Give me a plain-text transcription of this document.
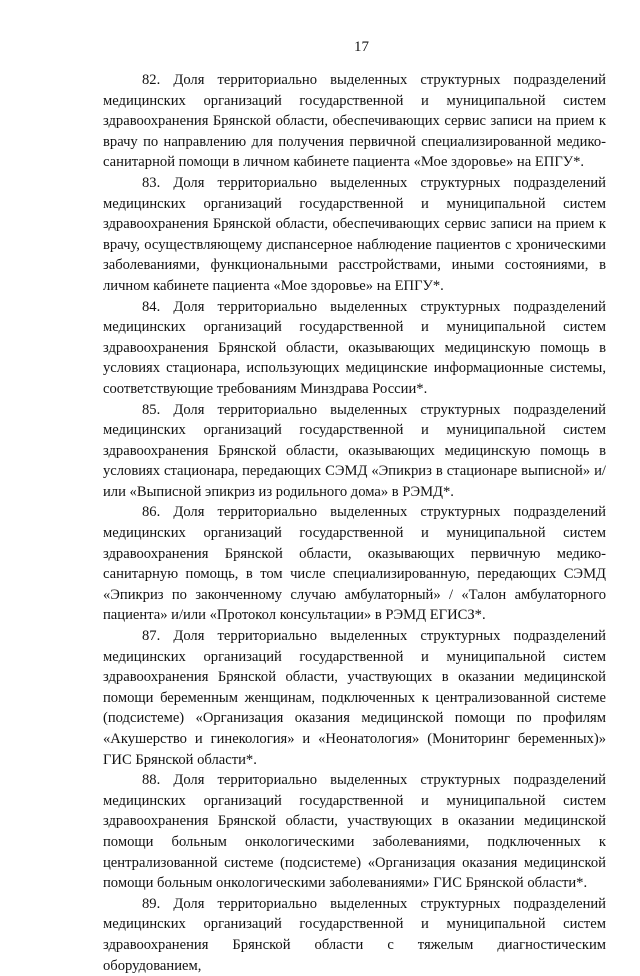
17

82. Доля территориально выделенных структурных подразделений медицинских организаций государственной и муниципальной систем здравоохранения Брянской области, обеспечивающих сервис записи на прием к врачу по направлению для получения первичной специализированной медико-санитарной помощи в личном кабинете пациента «Мое здоровье» на ЕПГУ*.

83. Доля территориально выделенных структурных подразделений медицинских организаций государственной и муниципальной систем здравоохранения Брянской области, обеспечивающих сервис записи на прием к врачу, осуществляющему диспансерное наблюдение пациентов с хроническими заболеваниями, функциональными расстройствами, иными состояниями, в личном кабинете пациента «Мое здоровье» на ЕПГУ*.

84. Доля территориально выделенных структурных подразделений медицинских организаций государственной и муниципальной систем здравоохранения Брянской области, оказывающих медицинскую помощь в условиях стационара, использующих медицинские информационные системы, соответствующие требованиям Минздрава России*.

85. Доля территориально выделенных структурных подразделений медицинских организаций государственной и муниципальной систем здравоохранения Брянской области, оказывающих медицинскую помощь в условиях стационара, передающих СЭМД «Эпикриз в стационаре выписной» и/или «Выписной эпикриз из родильного дома» в РЭМД*.

86. Доля территориально выделенных структурных подразделений медицинских организаций государственной и муниципальной систем здравоохранения Брянской области, оказывающих первичную медико-санитарную помощь, в том числе специализированную, передающих СЭМД «Эпикриз по законченному случаю амбулаторный» / «Талон амбулаторного пациента» и/или «Протокол консультации» в РЭМД ЕГИСЗ*.

87. Доля территориально выделенных структурных подразделений медицинских организаций государственной и муниципальной систем здравоохранения Брянской области, участвующих в оказании медицинской помощи беременным женщинам, подключенных к централизованной системе (подсистеме) «Организация оказания медицинской помощи по профилям «Акушерство и гинекология» и «Неонатология» (Мониторинг беременных)» ГИС Брянской области*.

88. Доля территориально выделенных структурных подразделений медицинских организаций государственной и муниципальной систем здравоохранения Брянской области, участвующих в оказании медицинской помощи больным онкологическими заболеваниями, подключенных к централизованной системе (подсистеме) «Организация оказания медицинской помощи больным онкологическими заболеваниями» ГИС Брянской области*.

89. Доля территориально выделенных структурных подразделений медицинских организаций государственной и муниципальной систем здравоохранения Брянской области с тяжелым диагностическим оборудованием,
